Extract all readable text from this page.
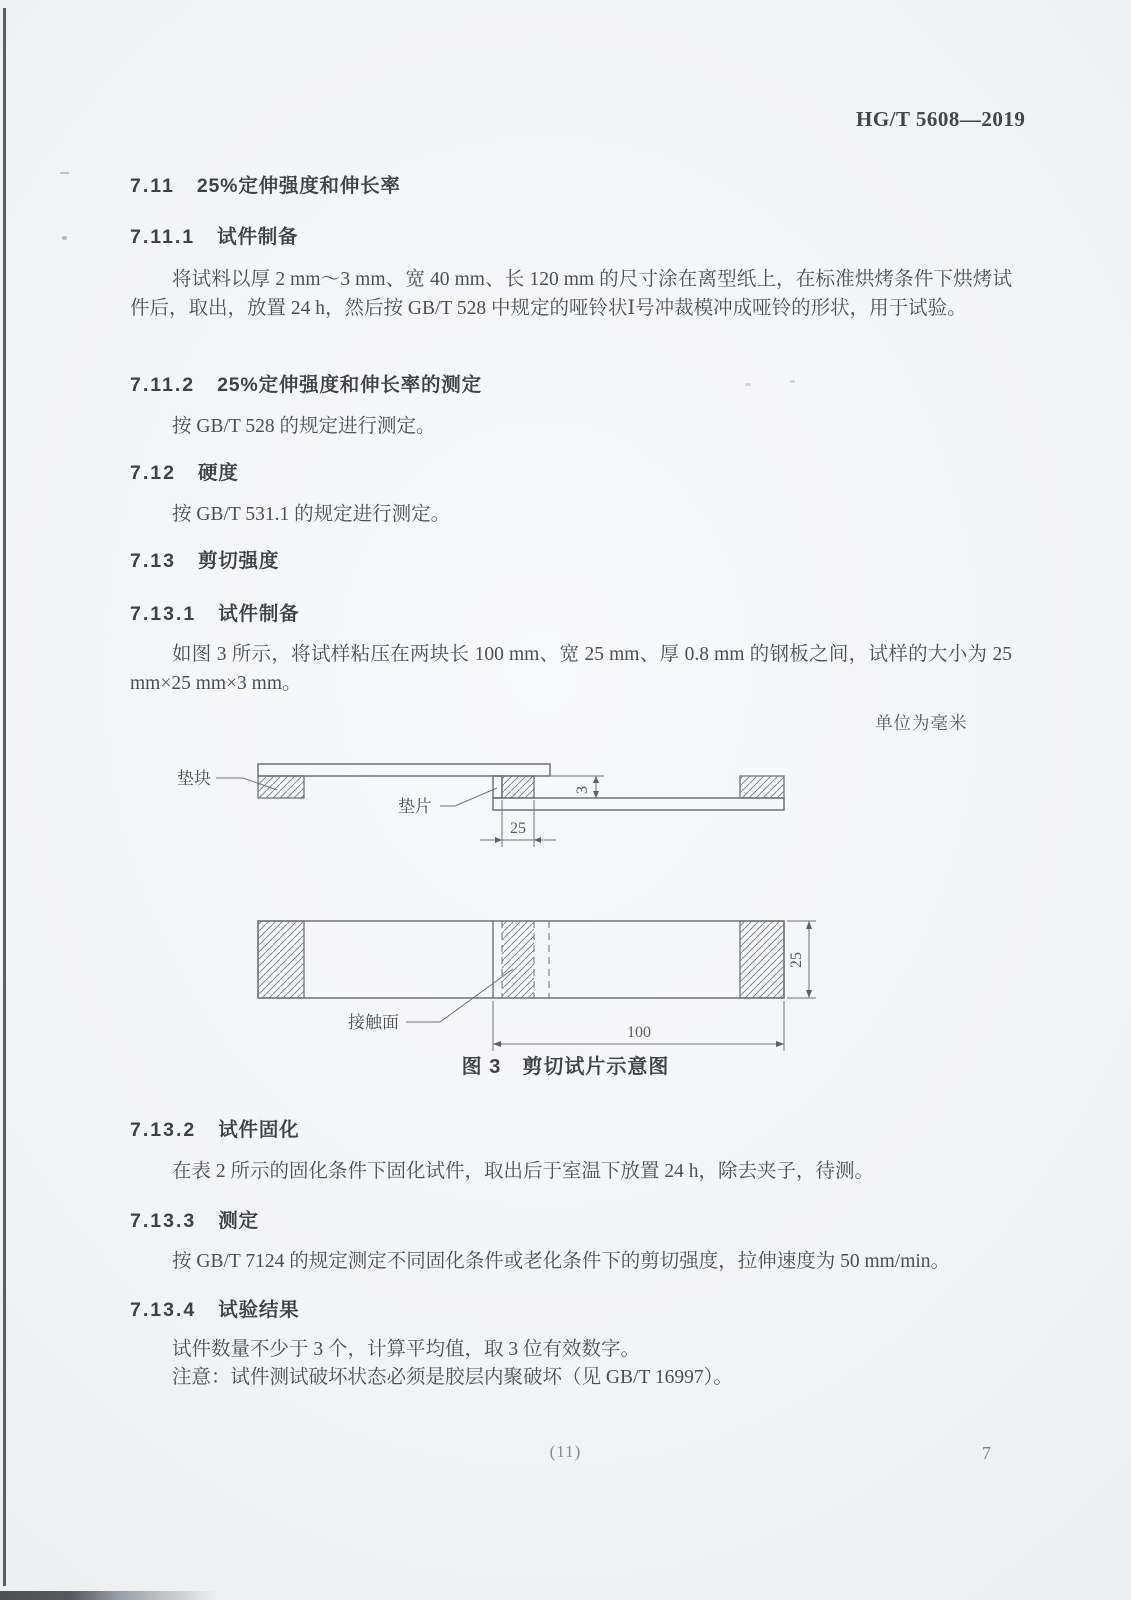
HG/T 5608—2019
7.11 25%定伸强度和伸长率
7.11.1 试件制备
将试料以厚 2 mm～3 mm、宽 40 mm、长 120 mm 的尺寸涂在离型纸上，在标准烘烤条件下烘烤试件后，取出，放置 24 h，然后按 GB/T 528 中规定的哑铃状Ⅰ号冲裁模冲成哑铃的形状，用于试验。
7.11.2 25%定伸强度和伸长率的测定
按 GB/T 528 的规定进行测定。
7.12 硬度
按 GB/T 531.1 的规定进行测定。
7.13 剪切强度
7.13.1 试件制备
如图 3 所示，将试样粘压在两块长 100 mm、宽 25 mm、厚 0.8 mm 的钢板之间，试样的大小为 25 mm×25 mm×3 mm。
单位为毫米
垫块
垫片
3
25
接触面
25
100
图 3　剪切试片示意图
7.13.2 试件固化
在表 2 所示的固化条件下固化试件，取出后于室温下放置 24 h，除去夹子，待测。
7.13.3 测定
按 GB/T 7124 的规定测定不同固化条件或老化条件下的剪切强度，拉伸速度为 50 mm/min。
7.13.4 试验结果
试件数量不少于 3 个，计算平均值，取 3 位有效数字。
注意：试件测试破坏状态必须是胶层内聚破坏（见 GB/T 16997）。
(11)	7
